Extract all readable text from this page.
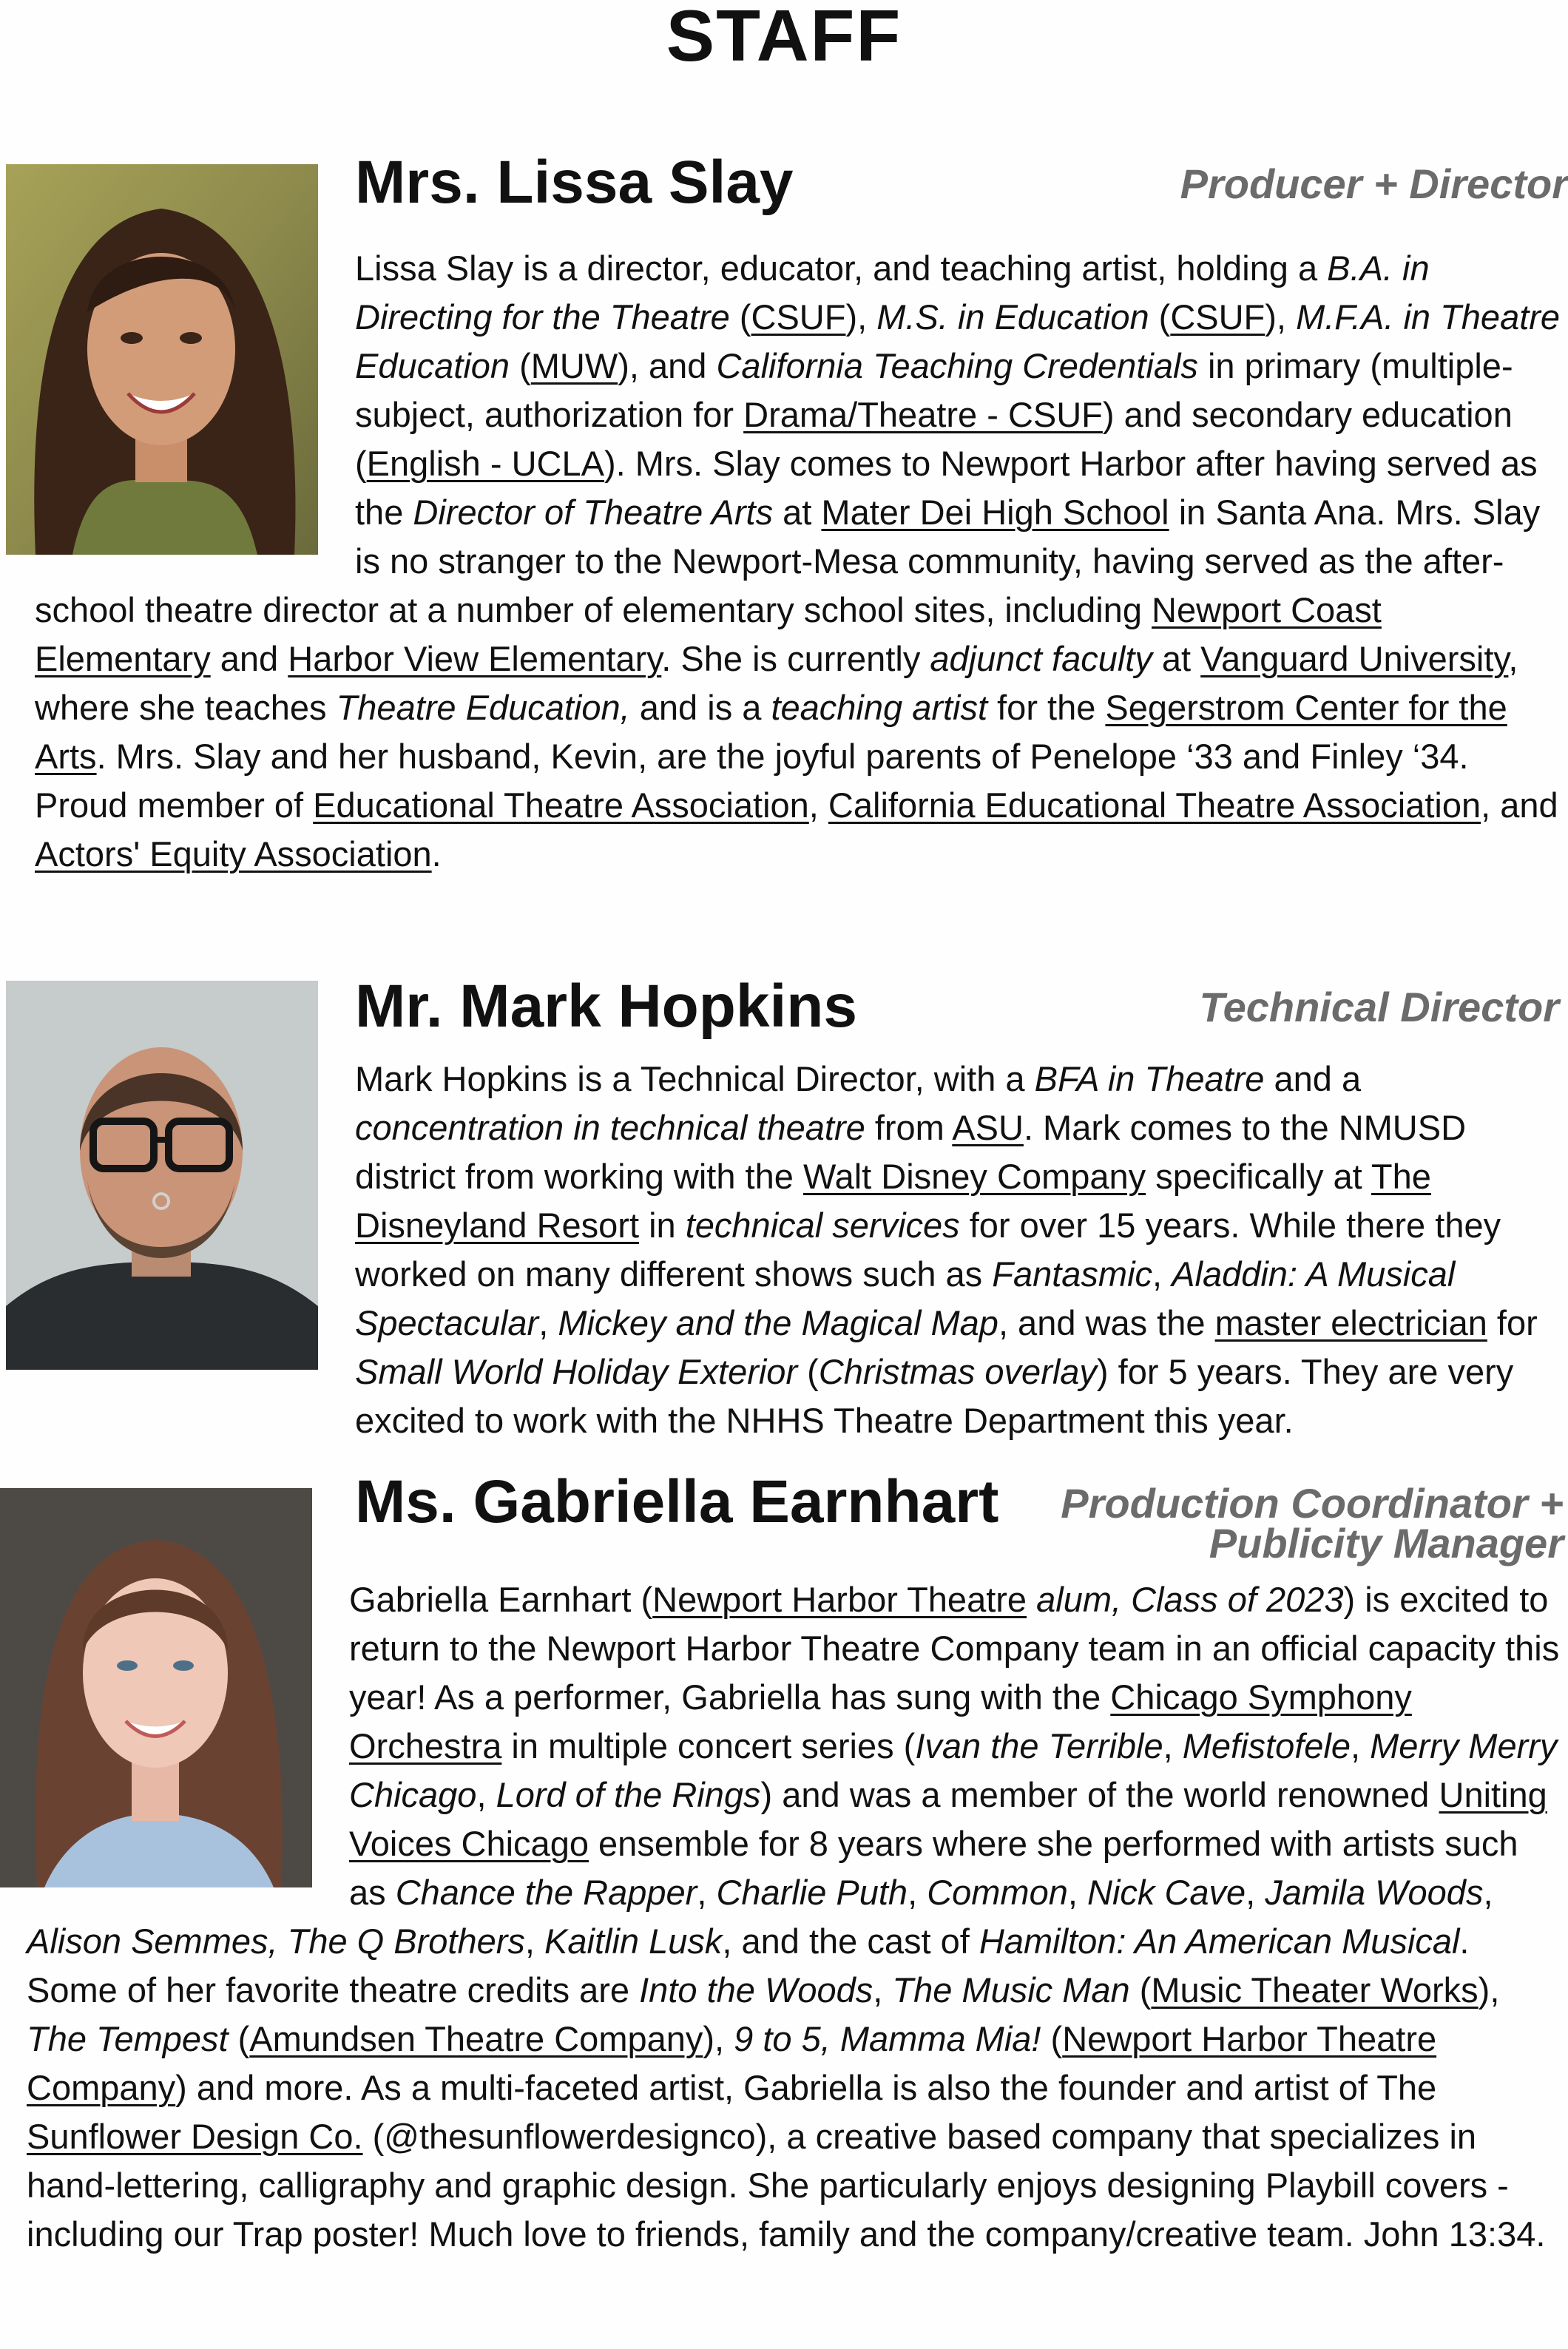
STAFF
Mrs. Lissa Slay	Producer + Director
Lissa Slay is a director, educator, and teaching artist, holding a B.A. in
Directing for the Theatre (CSUF), M.S. in Education (CSUF), M.F.A. in Theatre
Education (MUW), and California Teaching Credentials in primary (multiple-
subject, authorization for Drama/Theatre - CSUF) and secondary education
(English - UCLA). Mrs. Slay comes to Newport Harbor after having served as
the Director of Theatre Arts at Mater Dei High School in Santa Ana. Mrs. Slay
is no stranger to the Newport-Mesa community, having served as the after-
school theatre director at a number of elementary school sites, including Newport Coast
Elementary and Harbor View Elementary. She is currently adjunct faculty at Vanguard University,
where she teaches Theatre Education, and is a teaching artist for the Segerstrom Center for the
Arts. Mrs. Slay and her husband, Kevin, are the joyful parents of Penelope ‘33 and Finley ‘34.
Proud member of Educational Theatre Association, California Educational Theatre Association, and
Actors' Equity Association.
Mr. Mark Hopkins	Technical Director
Mark Hopkins is a Technical Director, with a BFA in Theatre and a
concentration in technical theatre from ASU. Mark comes to the NMUSD
district from working with the Walt Disney Company specifically at The
Disneyland Resort in technical services for over 15 years. While there they
worked on many different shows such as Fantasmic, Aladdin: A Musical
Spectacular, Mickey and the Magical Map, and was the master electrician for
Small World Holiday Exterior (Christmas overlay) for 5 years. They are very
excited to work with the NHHS Theatre Department this year.
Ms. Gabriella Earnhart Production Coordinator +
Publicity Manager
Gabriella Earnhart (Newport Harbor Theatre alum, Class of 2023) is excited to
return to the Newport Harbor Theatre Company team in an official capacity this
year! As a performer, Gabriella has sung with the Chicago Symphony
Orchestra in multiple concert series (Ivan the Terrible, Mefistofele, Merry Merry
Chicago, Lord of the Rings) and was a member of the world renowned Uniting
Voices Chicago ensemble for 8 years where she performed with artists such
as Chance the Rapper, Charlie Puth, Common, Nick Cave, Jamila Woods,
Alison Semmes, The Q Brothers, Kaitlin Lusk, and the cast of Hamilton: An American Musical.
Some of her favorite theatre credits are Into the Woods, The Music Man (Music Theater Works),
The Tempest (Amundsen Theatre Company), 9 to 5, Mamma Mia! (Newport Harbor Theatre
Company) and more. As a multi-faceted artist, Gabriella is also the founder and artist of The
Sunflower Design Co. (@thesunflowerdesignco), a creative based company that specializes in
hand-lettering, calligraphy and graphic design. She particularly enjoys designing Playbill covers -
including our Trap poster! Much love to friends, family and the company/creative team. John 13:34.
